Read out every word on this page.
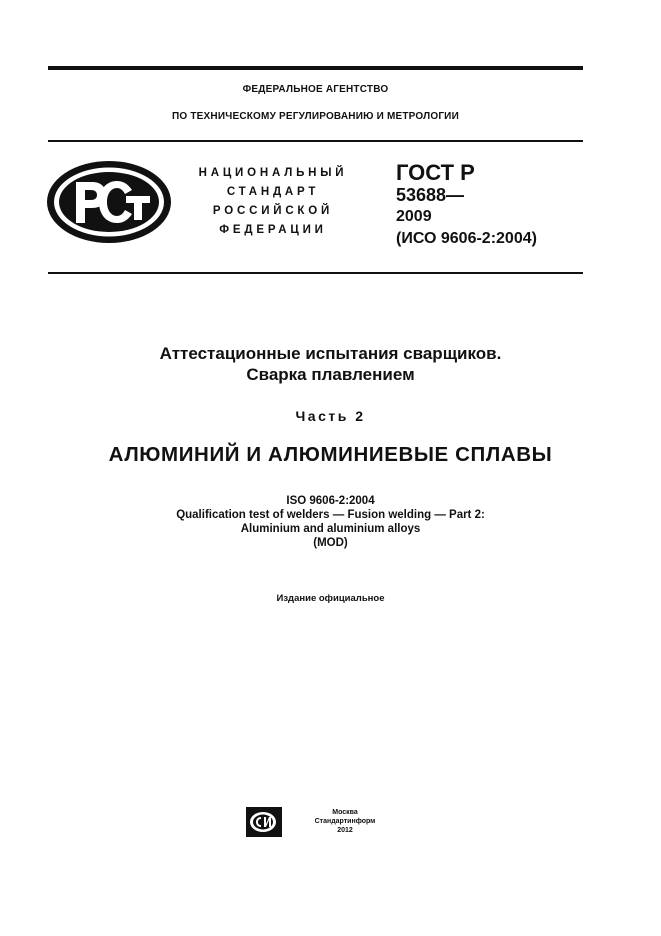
ФЕДЕРАЛЬНОЕ АГЕНТСТВО
ПО ТЕХНИЧЕСКОМУ РЕГУЛИРОВАНИЮ И МЕТРОЛОГИИ
НАЦИОНАЛЬНЫЙ
СТАНДАРТ
РОССИЙСКОЙ
ФЕДЕРАЦИИ
ГОСТ Р
53688—
2009
(ИСО 9606-2:2004)
Аттестационные испытания сварщиков.
Сварка плавлением
Часть 2
АЛЮМИНИЙ И АЛЮМИНИЕВЫЕ СПЛАВЫ
ISO 9606-2:2004
Qualification test of welders — Fusion welding — Part 2:
Aluminium and aluminium alloys
(MOD)
Издание официальное
Москва
Стандартинформ
2012
